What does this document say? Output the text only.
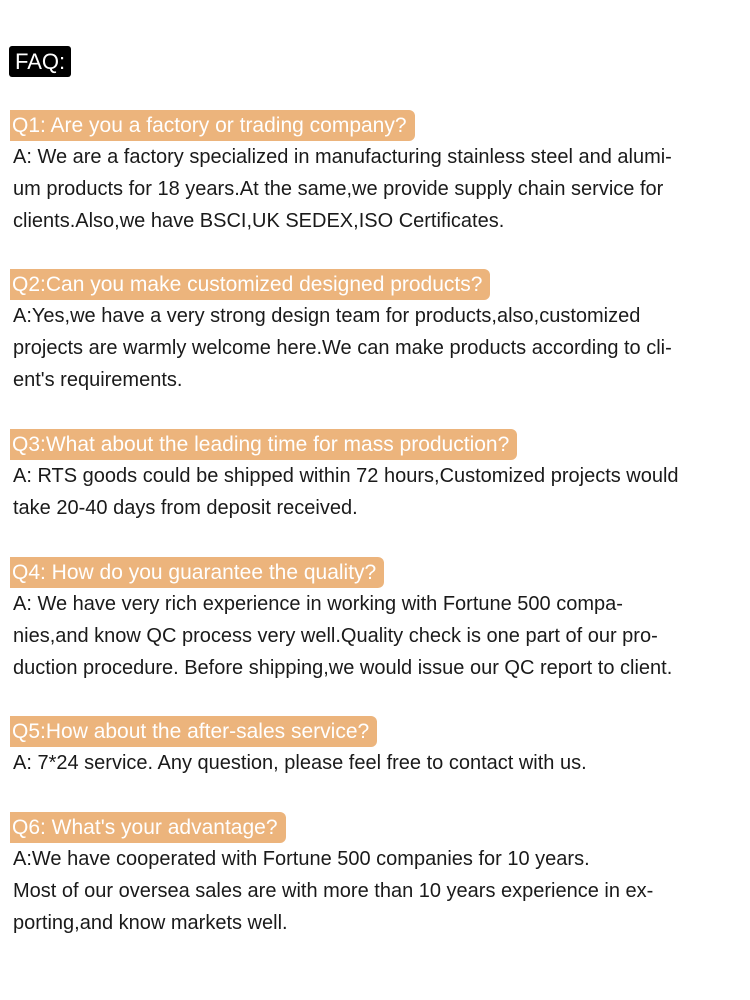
FAQ:
Q1: Are you a factory or trading company?

A: We are a factory specialized in manufacturing stainless steel and alumi-

um products for 18 years.At the same,we provide supply chain service for

clients.Also,we have BSCI,UK SEDEX,ISO Certificates.

Q2:Can you make customized designed products?

A:Yes,we have a very strong design team for products,also,customized

projects are warmly welcome here.We can make products according to cli-

ent's requirements.

Q3:What about the leading time for mass production?

A: RTS goods could be shipped within 72 hours,Customized projects would

take 20-40 days from deposit received.

Q4: How do you guarantee the quality?

A: We have very rich experience in working with Fortune 500 compa-

nies,and know QC process very well.Quality check is one part of our pro-

duction procedure. Before shipping,we would issue our QC report to client.

Q5:How about the after-sales service?

A: 7*24 service. Any question, please feel free to contact with us.

Q6: What's your advantage?

A:We have cooperated with Fortune 500 companies for 10 years.

Most of our oversea sales are with more than 10 years experience in ex-

porting,and know markets well.
